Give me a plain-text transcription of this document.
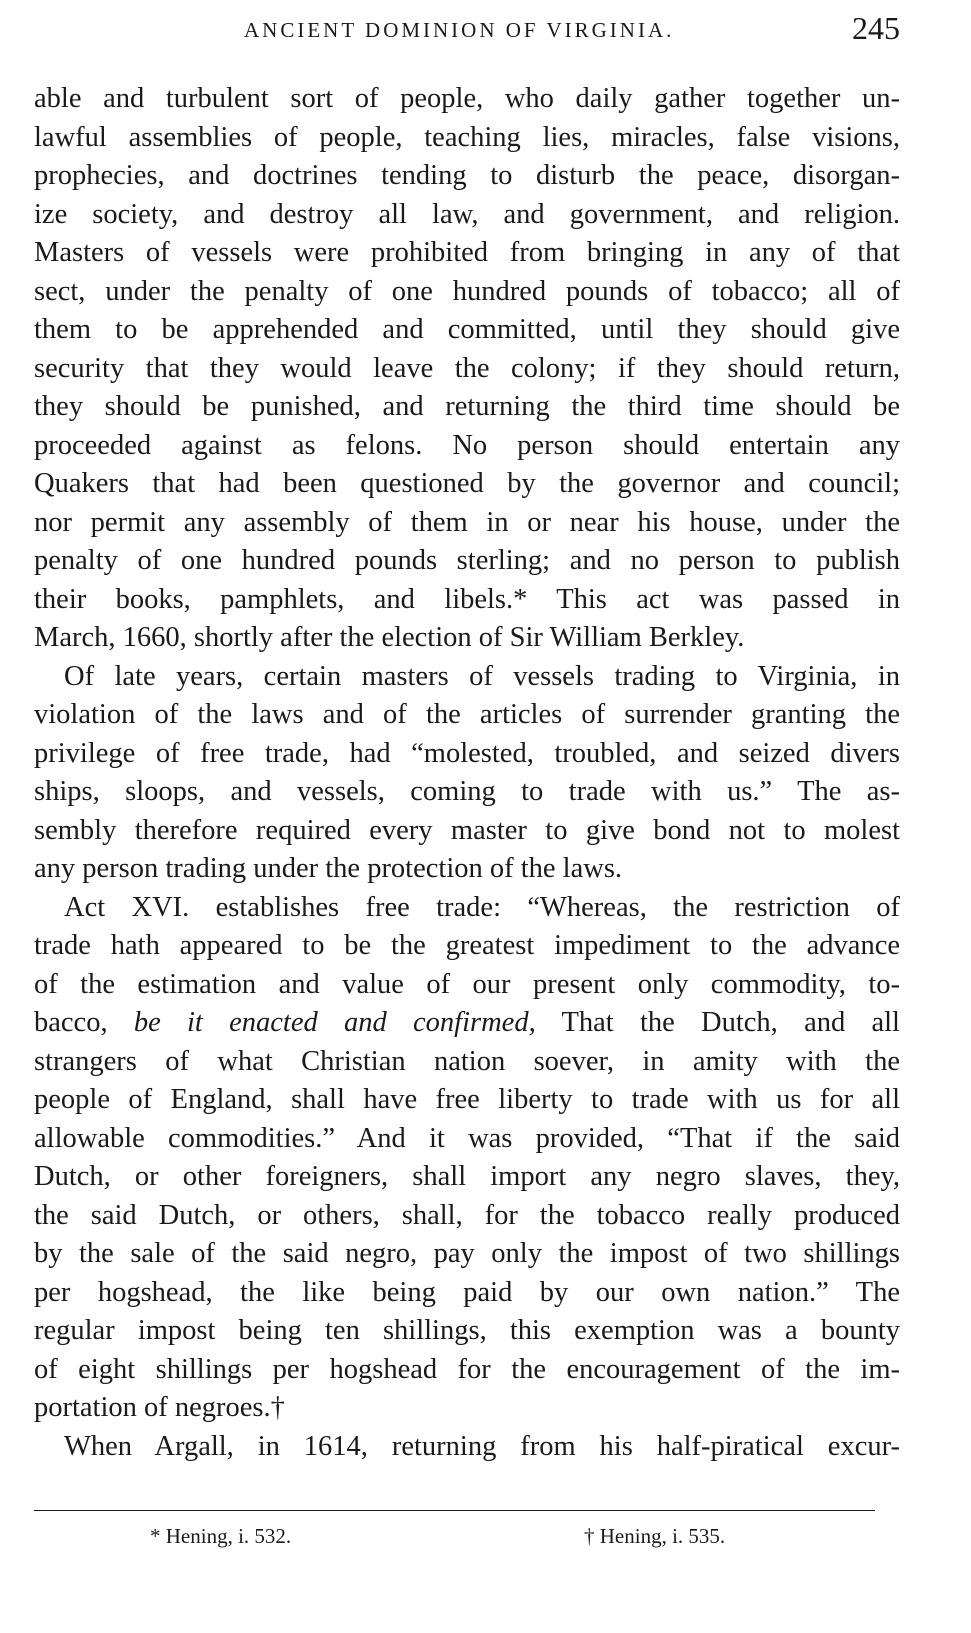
ANCIENT DOMINION OF VIRGINIA.	245
able and turbulent sort of people, who daily gather together un-
lawful assemblies of people, teaching lies, miracles, false visions,
prophecies, and doctrines tending to disturb the peace, disorgan-
ize society, and destroy all law, and government, and religion.
Masters of vessels were prohibited from bringing in any of that
sect, under the penalty of one hundred pounds of tobacco; all of
them to be apprehended and committed, until they should give
security that they would leave the colony; if they should return,
they should be punished, and returning the third time should be
proceeded against as felons. No person should entertain any
Quakers that had been questioned by the governor and council;
nor permit any assembly of them in or near his house, under the
penalty of one hundred pounds sterling; and no person to publish
their books, pamphlets, and libels.* This act was passed in
March, 1660, shortly after the election of Sir William Berkley.
Of late years, certain masters of vessels trading to Virginia, in
violation of the laws and of the articles of surrender granting the
privilege of free trade, had “molested, troubled, and seized divers
ships, sloops, and vessels, coming to trade with us.” The as-
sembly therefore required every master to give bond not to molest
any person trading under the protection of the laws.
Act XVI. establishes free trade: “Whereas, the restriction of
trade hath appeared to be the greatest impediment to the advance
of the estimation and value of our present only commodity, to-
bacco, be it enacted and confirmed, That the Dutch, and all
strangers of what Christian nation soever, in amity with the
people of England, shall have free liberty to trade with us for all
allowable commodities.” And it was provided, “That if the said
Dutch, or other foreigners, shall import any negro slaves, they,
the said Dutch, or others, shall, for the tobacco really produced
by the sale of the said negro, pay only the impost of two shillings
per hogshead, the like being paid by our own nation.” The
regular impost being ten shillings, this exemption was a bounty
of eight shillings per hogshead for the encouragement of the im-
portation of negroes.†
When Argall, in 1614, returning from his half-piratical excur-
* Hening, i. 532.	† Hening, i. 535.
